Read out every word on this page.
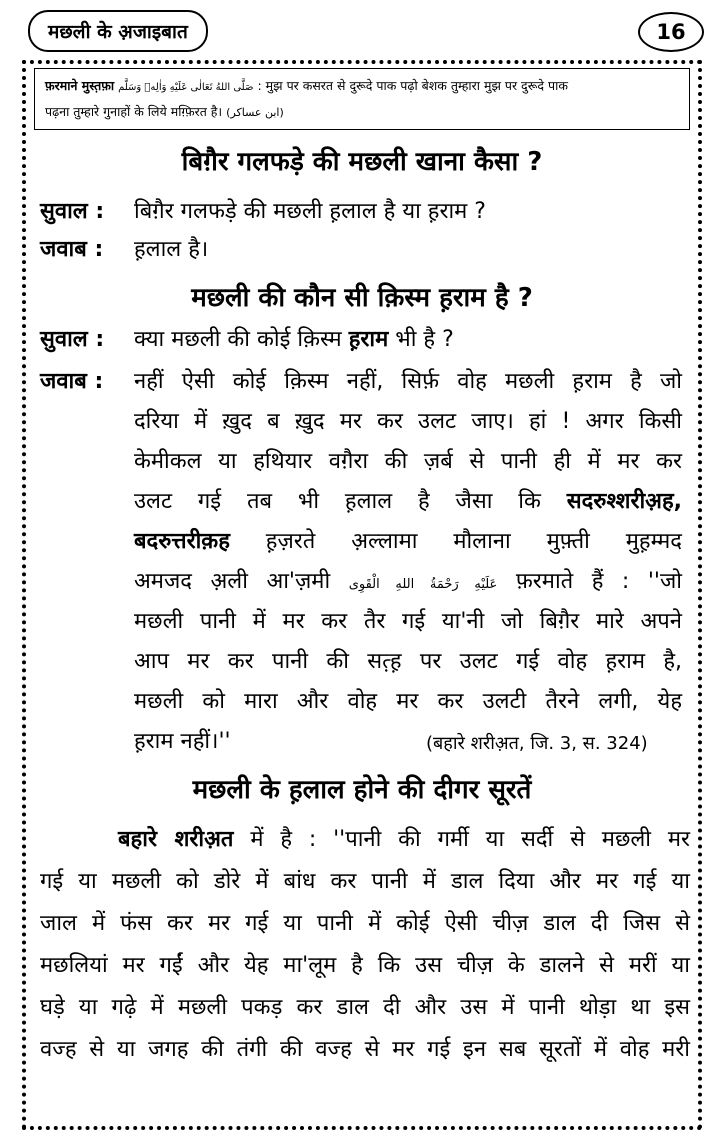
मछली के अ़जाइबात	16
फ़रमाने मुस्त़फ़ा صَلَّى اللهُ تَعَالٰى عَلَيْهِ وَاٰلِهٖ وَسَلَّم : मुझ पर कसरत से दुरूदे पाक पढ़ो बेशक तुम्हारा मुझ पर दुरूदे पाक
पढ़ना तुम्हारे गुनाहों के लिये मग़्फ़िरत है। (ابن عساکر)
बिग़ैर गलफड़े की मछली खाना कैसा ?
सुवाल : बिग़ैर गलफड़े की मछली ह़लाल है या ह़राम ?
जवाब : ह़लाल है।
मछली की कौन सी क़िस्म ह़राम है ?
सुवाल : क्या मछली की कोई क़िस्म ह़राम भी है ?
जवाब : नहीं ऐसी कोई क़िस्म नहीं, सिर्फ़ वोह मछली ह़राम है जो
दरिया में ख़ुद ब ख़ुद मर कर उलट जाए। हां ! अगर किसी
केमीकल या हथियार वग़ैरा की ज़र्ब से पानी ही में मर कर
उलट गई तब भी ह़लाल है जैसा कि सदरुश्शरीअ़ह,
बदरुत्तरीक़ह ह़ज़रते अ़ल्लामा मौलाना मुफ़्ती मुह़म्मद
अमजद अ़ली आ'ज़मी عَلَيْهِ رَحْمَةُ اللهِ الْقَوِى फ़रमाते हैं : ''जो
मछली पानी में मर कर तैर गई या'नी जो बिग़ैर मारे अपने
आप मर कर पानी की सत़्ह़ पर उलट गई वोह ह़राम है,
मछली को मारा और वोह मर कर उलटी तैरने लगी, येह
ह़राम नहीं।''	(बहारे शरीअ़त, जि. 3, स. 324)
मछली के ह़लाल होने की दीगर सूरतें
बहारे शरीअ़त में है : ''पानी की गर्मी या सर्दी से मछली मर
गई या मछली को डोरे में बांध कर पानी में डाल दिया और मर गई या
जाल में फंस कर मर गई या पानी में कोई ऐसी चीज़ डाल दी जिस से
मछलियां मर गईं और येह मा'लूम है कि उस चीज़ के डालने से मरीं या
घड़े या गढ़े में मछली पकड़ कर डाल दी और उस में पानी थोड़ा था इस
वज्ह से या जगह की तंगी की वज्ह से मर गई इन सब सूरतों में वोह मरी
